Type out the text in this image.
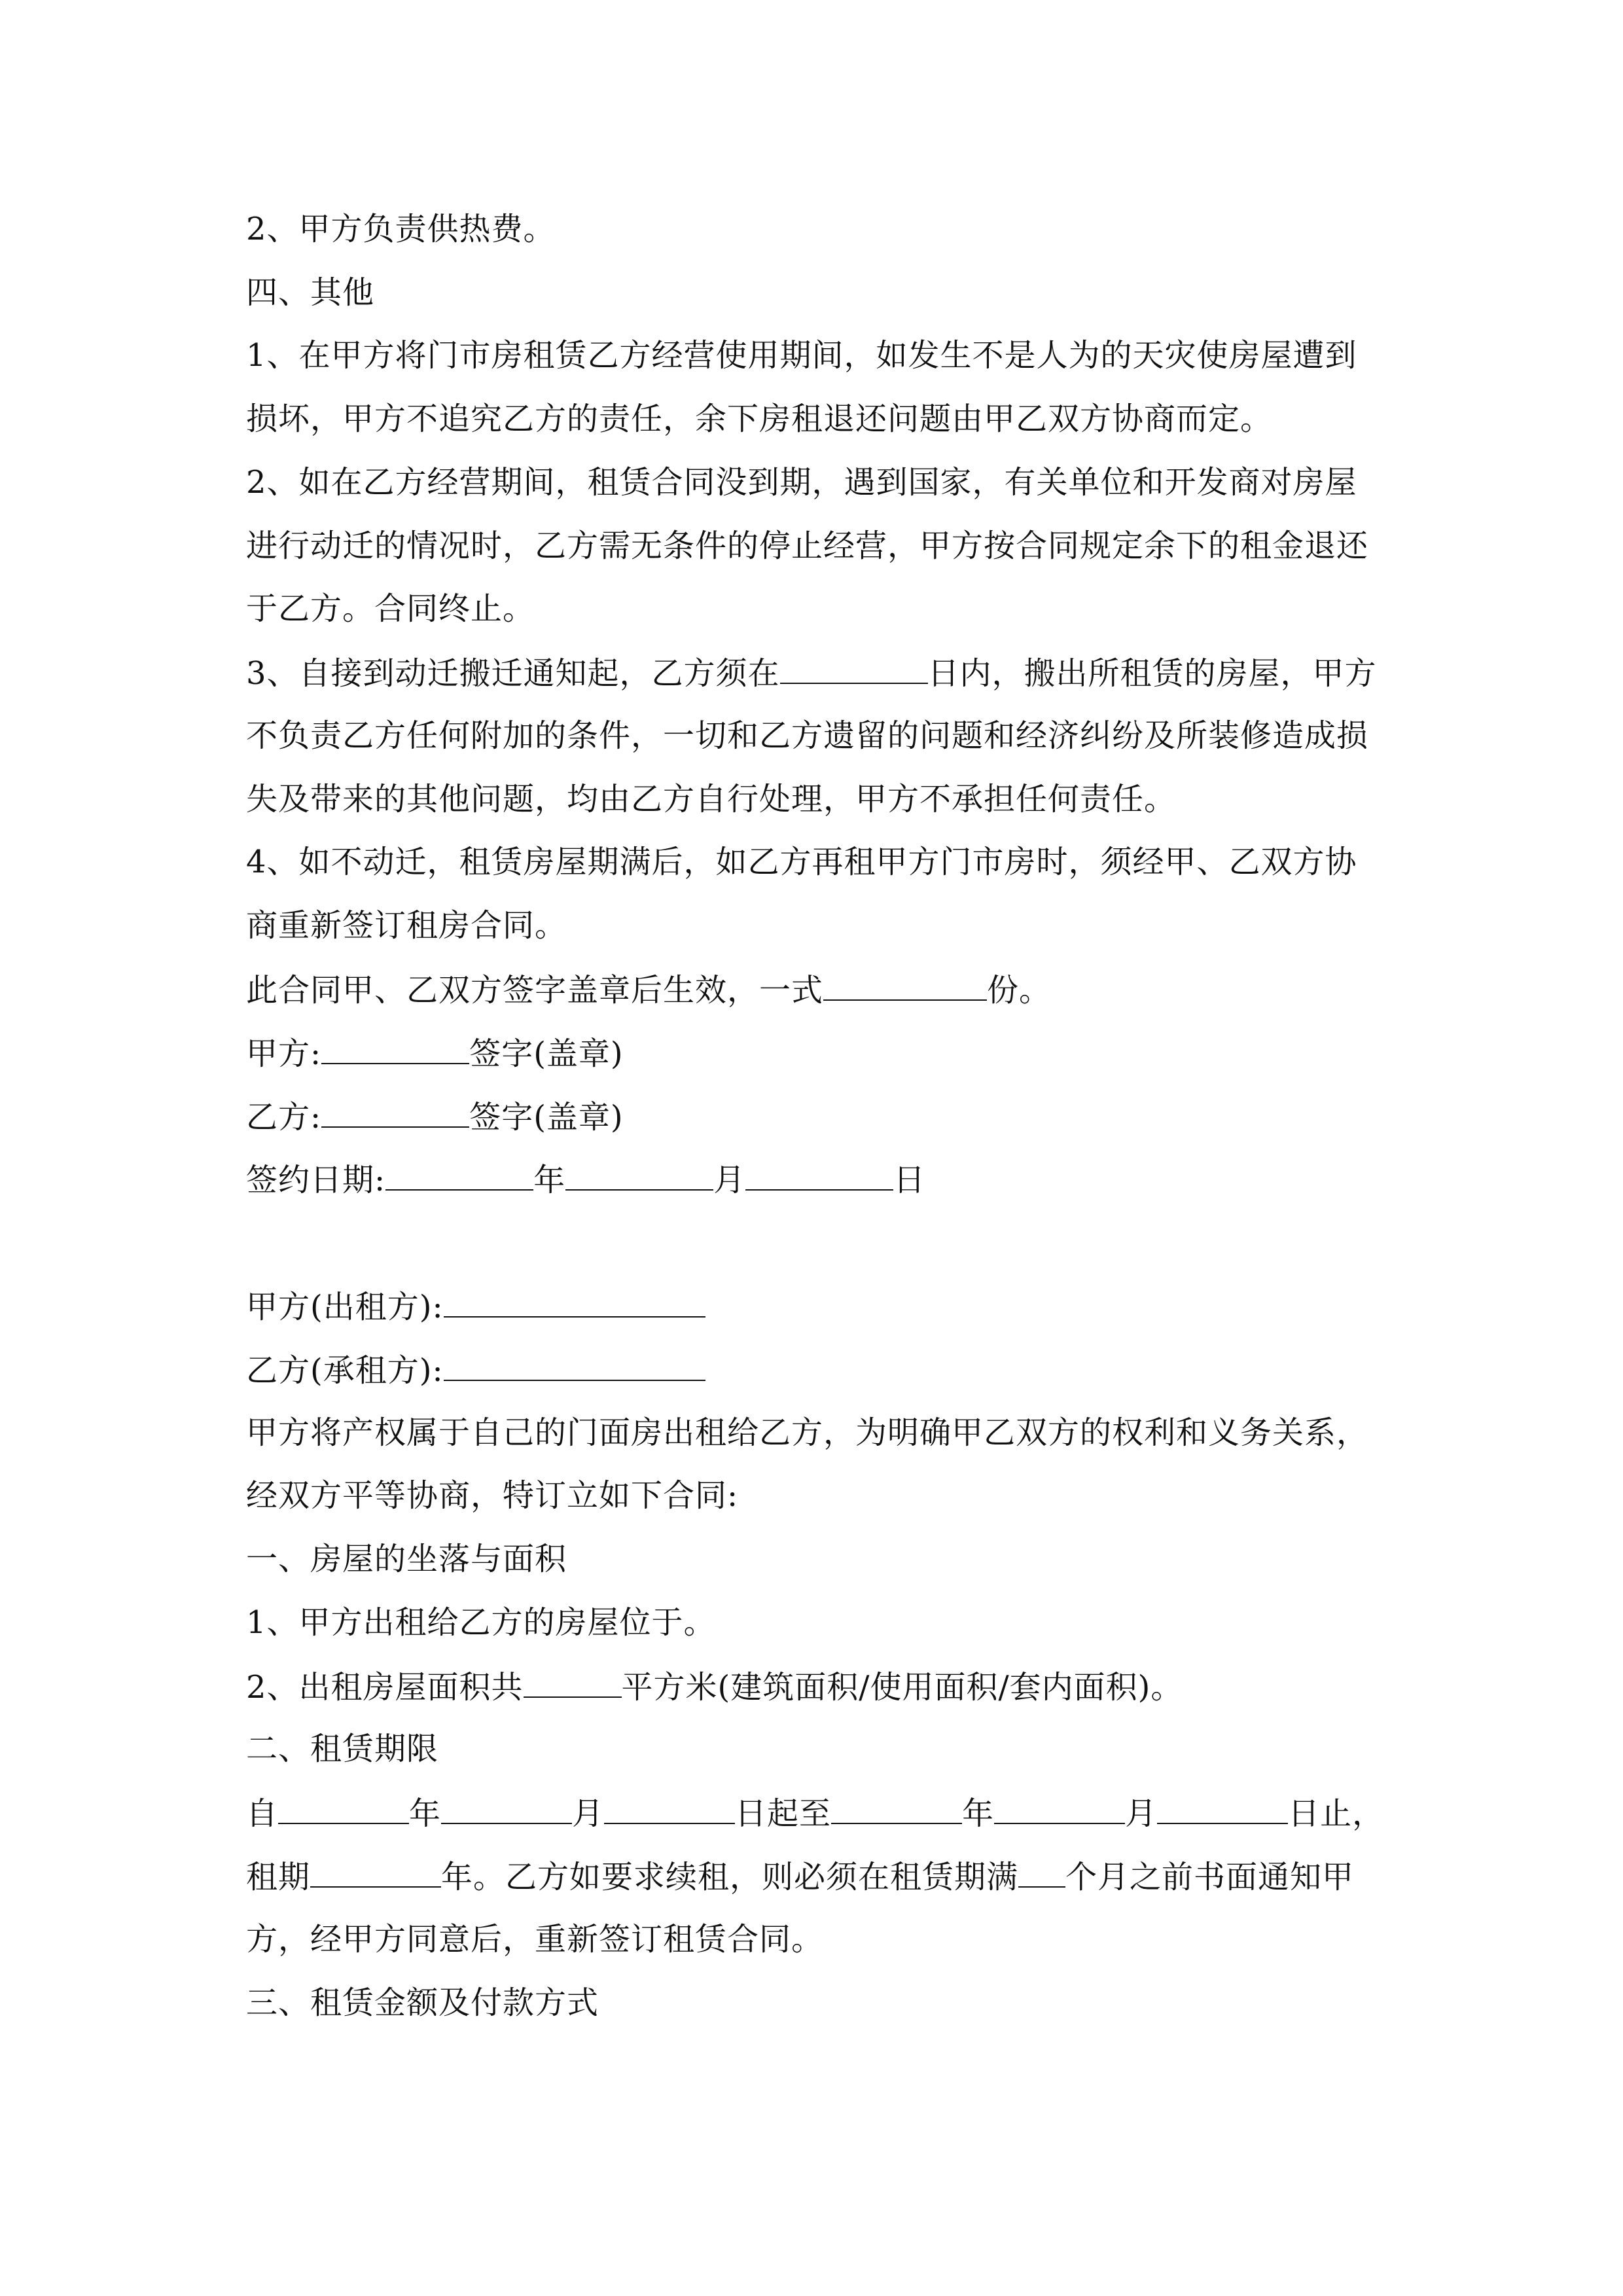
2、甲方负责供热费。
四、其他
1、在甲方将门市房租赁乙方经营使用期间，如发生不是人为的天灾使房屋遭到
损坏，甲方不追究乙方的责任，余下房租退还问题由甲乙双方协商而定。
2、如在乙方经营期间，租赁合同没到期，遇到国家，有关单位和开发商对房屋
进行动迁的情况时，乙方需无条件的停止经营，甲方按合同规定余下的租金退还
于乙方。合同终止。
3、自接到动迁搬迁通知起，乙方须在	日内，搬出所租赁的房屋，甲方
不负责乙方任何附加的条件，一切和乙方遗留的问题和经济纠纷及所装修造成损
失及带来的其他问题，均由乙方自行处理，甲方不承担任何责任。
4、如不动迁，租赁房屋期满后，如乙方再租甲方门市房时，须经甲、乙双方协
商重新签订租房合同。
此合同甲、乙双方签字盖章后生效，一式	份。
甲方:	签字(盖章)
乙方:	签字(盖章)
签约日期:	年	月	日
甲方(出租方):
乙方(承租方):
甲方将产权属于自己的门面房出租给乙方，为明确甲乙双方的权利和义务关系，
经双方平等协商，特订立如下合同:
一、房屋的坐落与面积
1、甲方出租给乙方的房屋位于。
2、出租房屋面积共	平方米(建筑面积/使用面积/套内面积)。
二、租赁期限
自	年	月	日起至	年	月	日止，
租期	年。乙方如要求续租，则必须在租赁期满 个月之前书面通知甲
方，经甲方同意后，重新签订租赁合同。
三、租赁金额及付款方式
